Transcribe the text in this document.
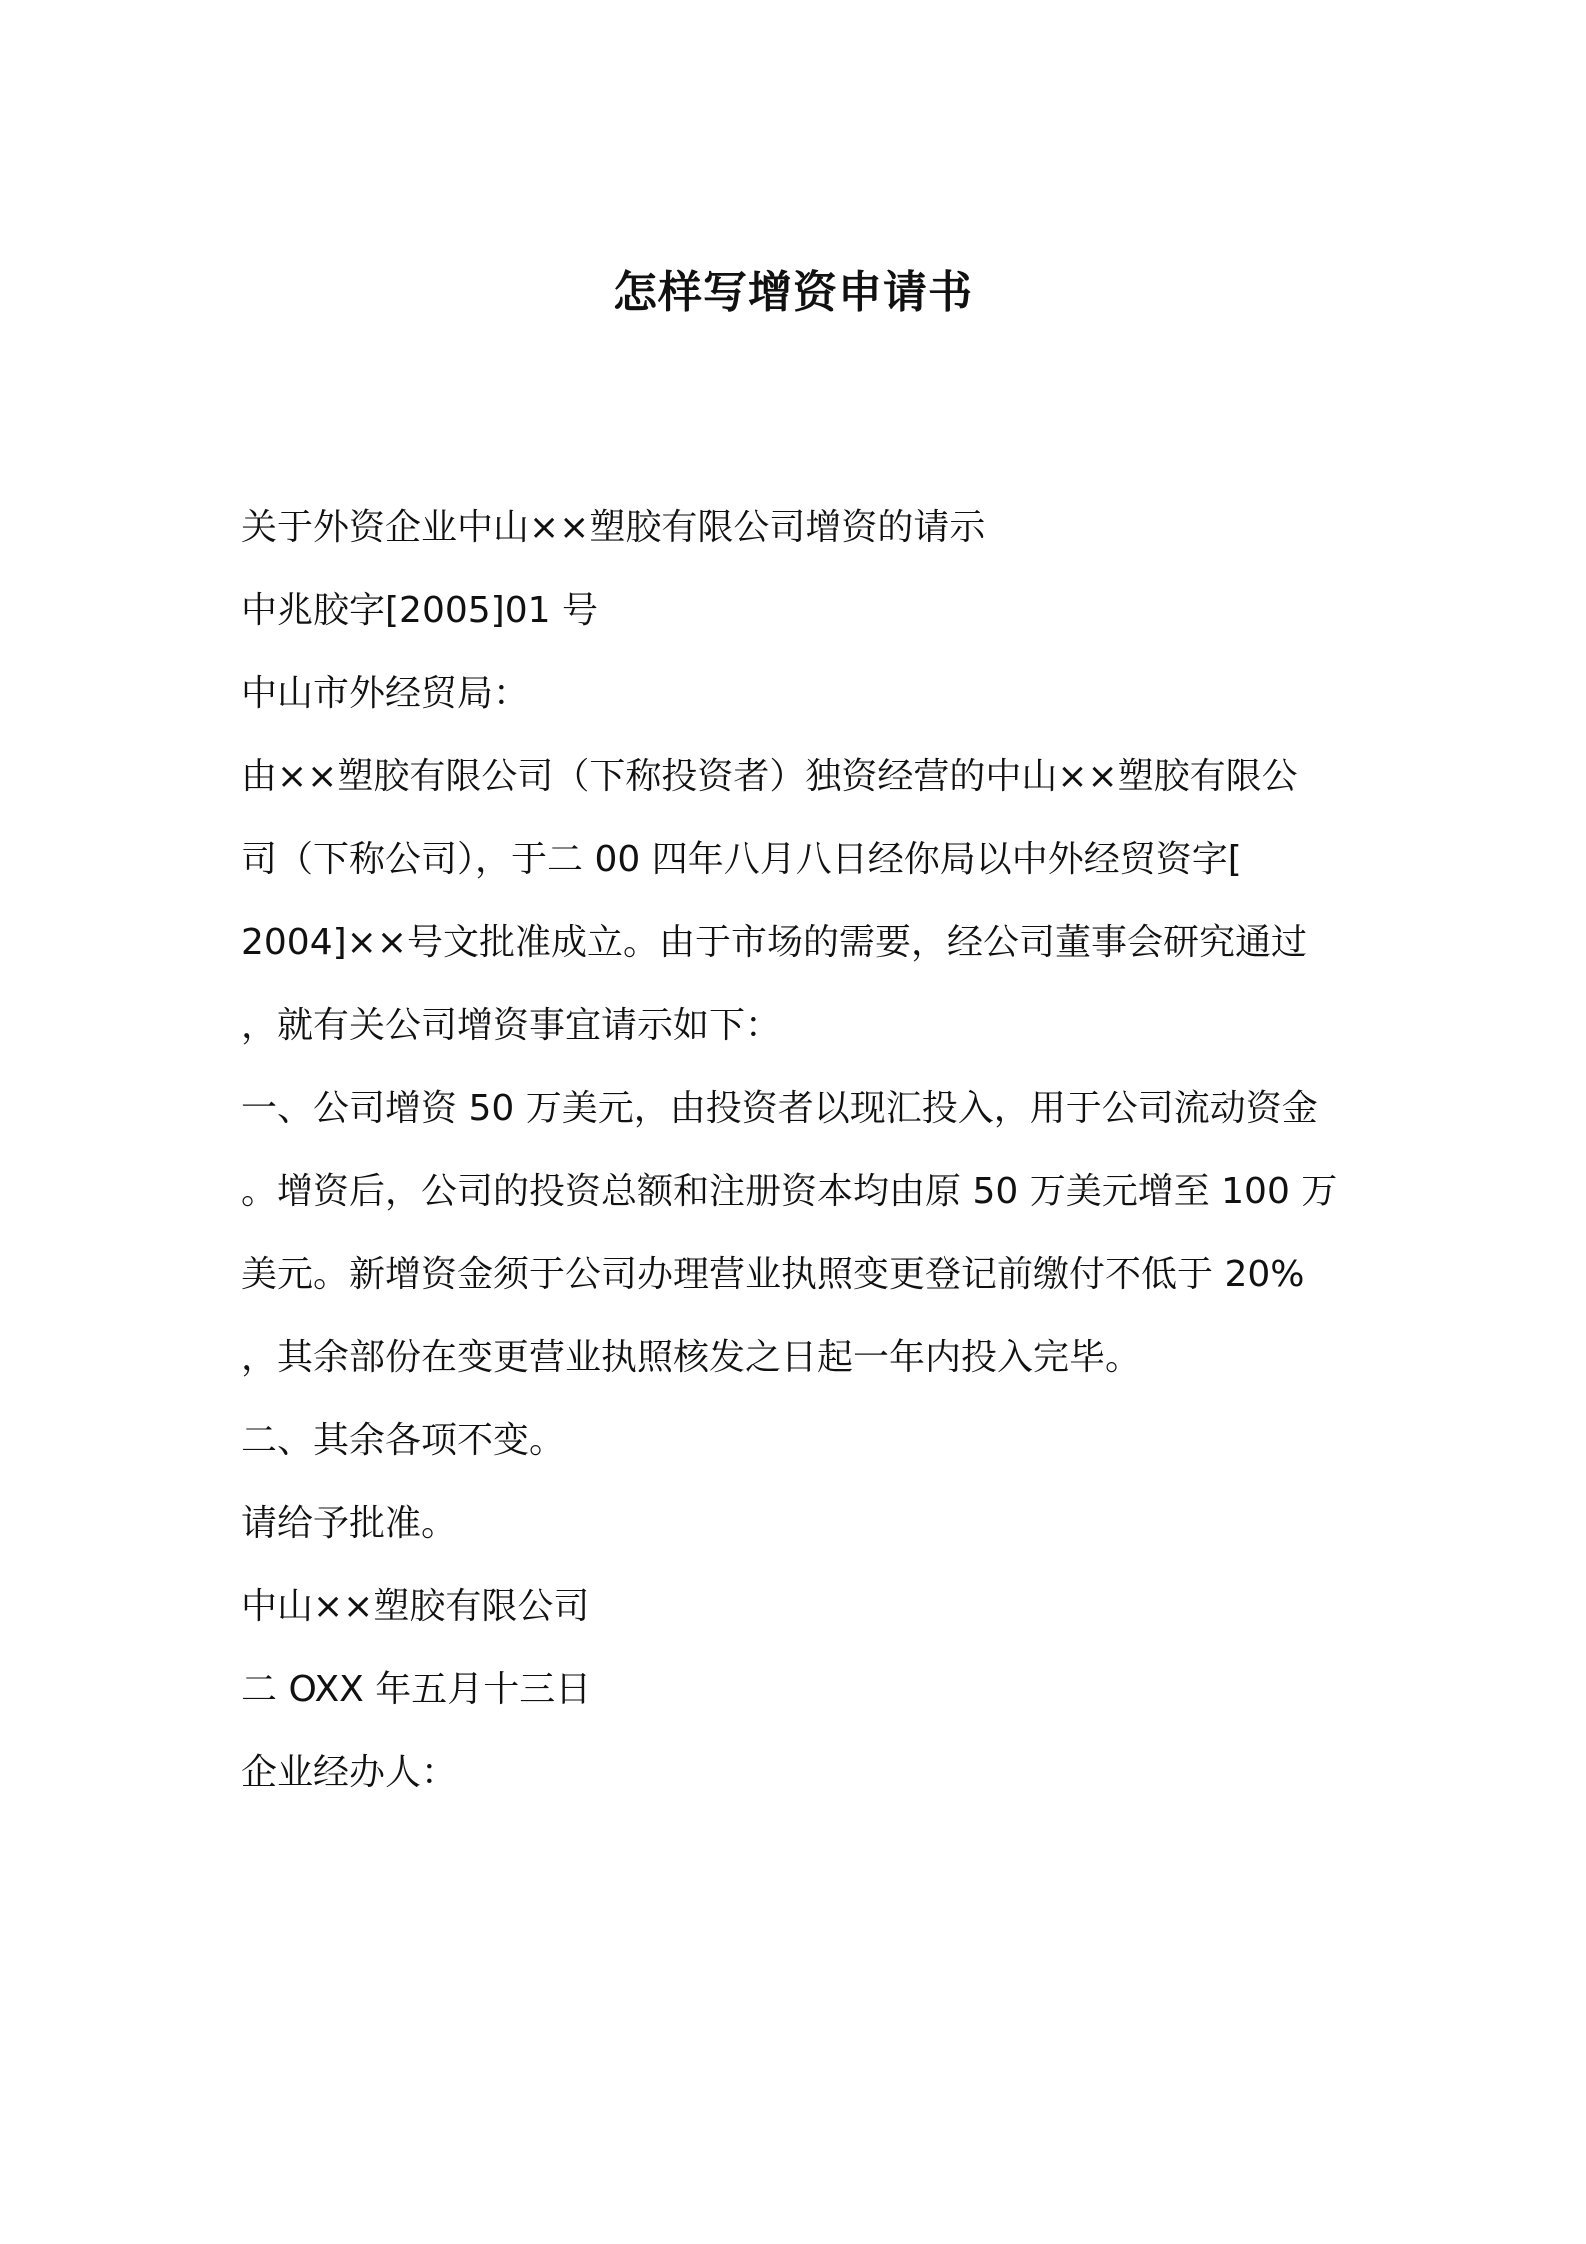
怎样写增资申请书

关于外资企业中山××塑胶有限公司增资的请示

中兆胶字[2005]01 号

中山市外经贸局：

由××塑胶有限公司（下称投资者）独资经营的中山××塑胶有限公

司（下称公司），于二 00 四年八月八日经你局以中外经贸资字[

2004]××号文批准成立。由于市场的需要，经公司董事会研究通过

，就有关公司增资事宜请示如下：

一、公司增资 50 万美元，由投资者以现汇投入，用于公司流动资金

。增资后，公司的投资总额和注册资本均由原 50 万美元增至 100 万

美元。新增资金须于公司办理营业执照变更登记前缴付不低于 20%

，其余部份在变更营业执照核发之日起一年内投入完毕。

二、其余各项不变。

请给予批准。

中山××塑胶有限公司

二 OXX 年五月十三日

企业经办人：
